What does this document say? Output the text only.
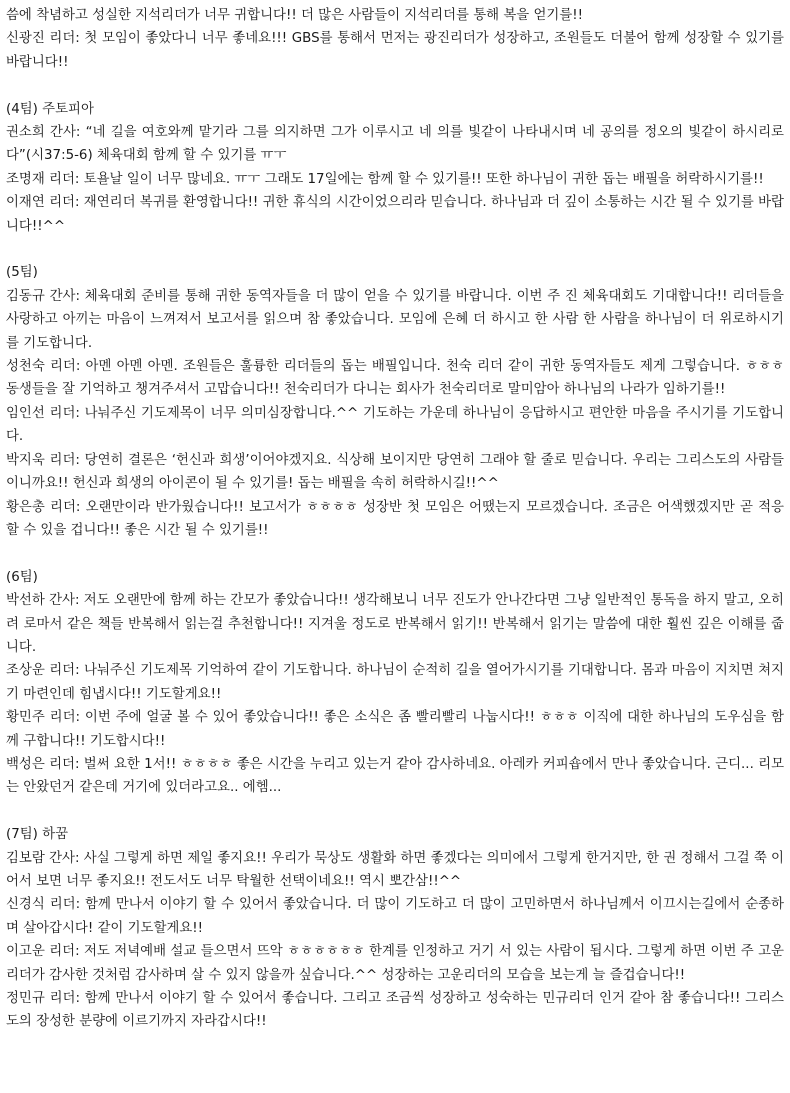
씀에 착념하고 성실한 지석리더가 너무 귀합니다!! 더 많은 사람들이 지석리더를 통해 복을 얻기를!!

신광진 리더: 첫 모임이 좋았다니 너무 좋네요!!! GBS를 통해서 먼저는 광진리더가 성장하고, 조원들도 더불어 함께 성장할 수 있기를 바랍니다!!

(4팀) 주토피아

권소희 간사: “네 길을 여호와께 맡기라 그를 의지하면 그가 이루시고 네 의를 빛같이 나타내시며 네 공의를 정오의 빛같이 하시리로다”(시37:5-6) 체육대회 함께 할 수 있기를 ㅠㅜ

조명재 리더: 토욜날 일이 너무 많네요. ㅠㅜ 그래도 17일에는 함께 할 수 있기를!! 또한 하나님이 귀한 돕는 배필을 허락하시기를!!

이재연 리더: 재연리더 복귀를 환영합니다!! 귀한 휴식의 시간이었으리라 믿습니다. 하나님과 더 깊이 소통하는 시간 될 수 있기를 바랍니다!!^^

(5팀)

김동규 간사: 체육대회 준비를 통해 귀한 동역자들을 더 많이 얻을 수 있기를 바랍니다. 이번 주 진 체육대회도 기대합니다!! 리더들을 사랑하고 아끼는 마음이 느껴져서 보고서를 읽으며 참 좋았습니다. 모임에 은혜 더 하시고 한 사람 한 사람을 하나님이 더 위로하시기를 기도합니다.

성천숙 리더: 아멘 아멘 아멘. 조원들은 훌륭한 리더들의 돕는 배필입니다. 천숙 리더 같이 귀한 동역자들도 제게 그렇습니다. ㅎㅎㅎ 동생들을 잘 기억하고 챙겨주셔서 고맙습니다!! 천숙리더가 다니는 회사가 천숙리더로 말미암아 하나님의 나라가 임하기를!!

임인선 리더: 나눠주신 기도제목이 너무 의미심장합니다.^^ 기도하는 가운데 하나님이 응답하시고 편안한 마음을 주시기를 기도합니다.

박지욱 리더: 당연히 결론은 ‘헌신과 희생’이어야겠지요. 식상해 보이지만 당연히 그래야 할 줄로 믿습니다. 우리는 그리스도의 사람들이니까요!! 헌신과 희생의 아이콘이 될 수 있기를! 돕는 배필을 속히 허락하시길!!^^

황은총 리더: 오랜만이라 반가웠습니다!! 보고서가 ㅎㅎㅎㅎ 성장반 첫 모임은 어땠는지 모르겠습니다. 조금은 어색했겠지만 곧 적응 할 수 있을 겁니다!! 좋은 시간 될 수 있기를!!

(6팀)

박선하 간사: 저도 오랜만에 함께 하는 간모가 좋았습니다!! 생각해보니 너무 진도가 안나간다면 그냥 일반적인 통독을 하지 말고, 오히려 로마서 같은 책들 반복해서 읽는걸 추천합니다!! 지겨울 정도로 반복해서 읽기!! 반복해서 읽기는 말씀에 대한 훨씬 깊은 이해를 줍니다.

조상운 리더: 나눠주신 기도제목 기억하여 같이 기도합니다. 하나님이 순적히 길을 열어가시기를 기대합니다. 몸과 마음이 지치면 쳐지기 마련인데 힘냅시다!! 기도할게요!!

황민주 리더: 이번 주에 얼굴 볼 수 있어 좋았습니다!! 좋은 소식은 좀 빨리빨리 나눕시다!! ㅎㅎㅎ 이직에 대한 하나님의 도우심을 함께 구합니다!! 기도합시다!!

백성은 리더: 벌써 요한 1서!! ㅎㅎㅎㅎ 좋은 시간을 누리고 있는거 같아 감사하네요. 아레카 커피숍에서 만나 좋았습니다. 근디... 리모는 안왔던거 같은데 거기에 있더라고요.. 에헴...

(7팀) 하꿈

김보람 간사: 사실 그렇게 하면 제일 좋지요!! 우리가 묵상도 생활화 하면 좋겠다는 의미에서 그렇게 한거지만, 한 권 정해서 그걸 쭉 이어서 보면 너무 좋지요!! 전도서도 너무 탁월한 선택이네요!! 역시 뽀간삼!!^^

신경식 리더: 함께 만나서 이야기 할 수 있어서 좋았습니다. 더 많이 기도하고 더 많이 고민하면서 하나님께서 이끄시는길에서 순종하며 살아갑시다! 같이 기도할게요!!

이고운 리더: 저도 저녁예배 설교 들으면서 뜨악 ㅎㅎㅎㅎㅎㅎ 한계를 인정하고 거기 서 있는 사람이 됩시다. 그렇게 하면 이번 주 고운리더가 감사한 것처럼 감사하며 살 수 있지 않을까 싶습니다.^^ 성장하는 고운리더의 모습을 보는게 늘 즐겁습니다!!

정민규 리더: 함께 만나서 이야기 할 수 있어서 좋습니다. 그리고 조금씩 성장하고 성숙하는 민규리더 인거 같아 참 좋습니다!! 그리스도의 장성한 분량에 이르기까지 자라갑시다!!
